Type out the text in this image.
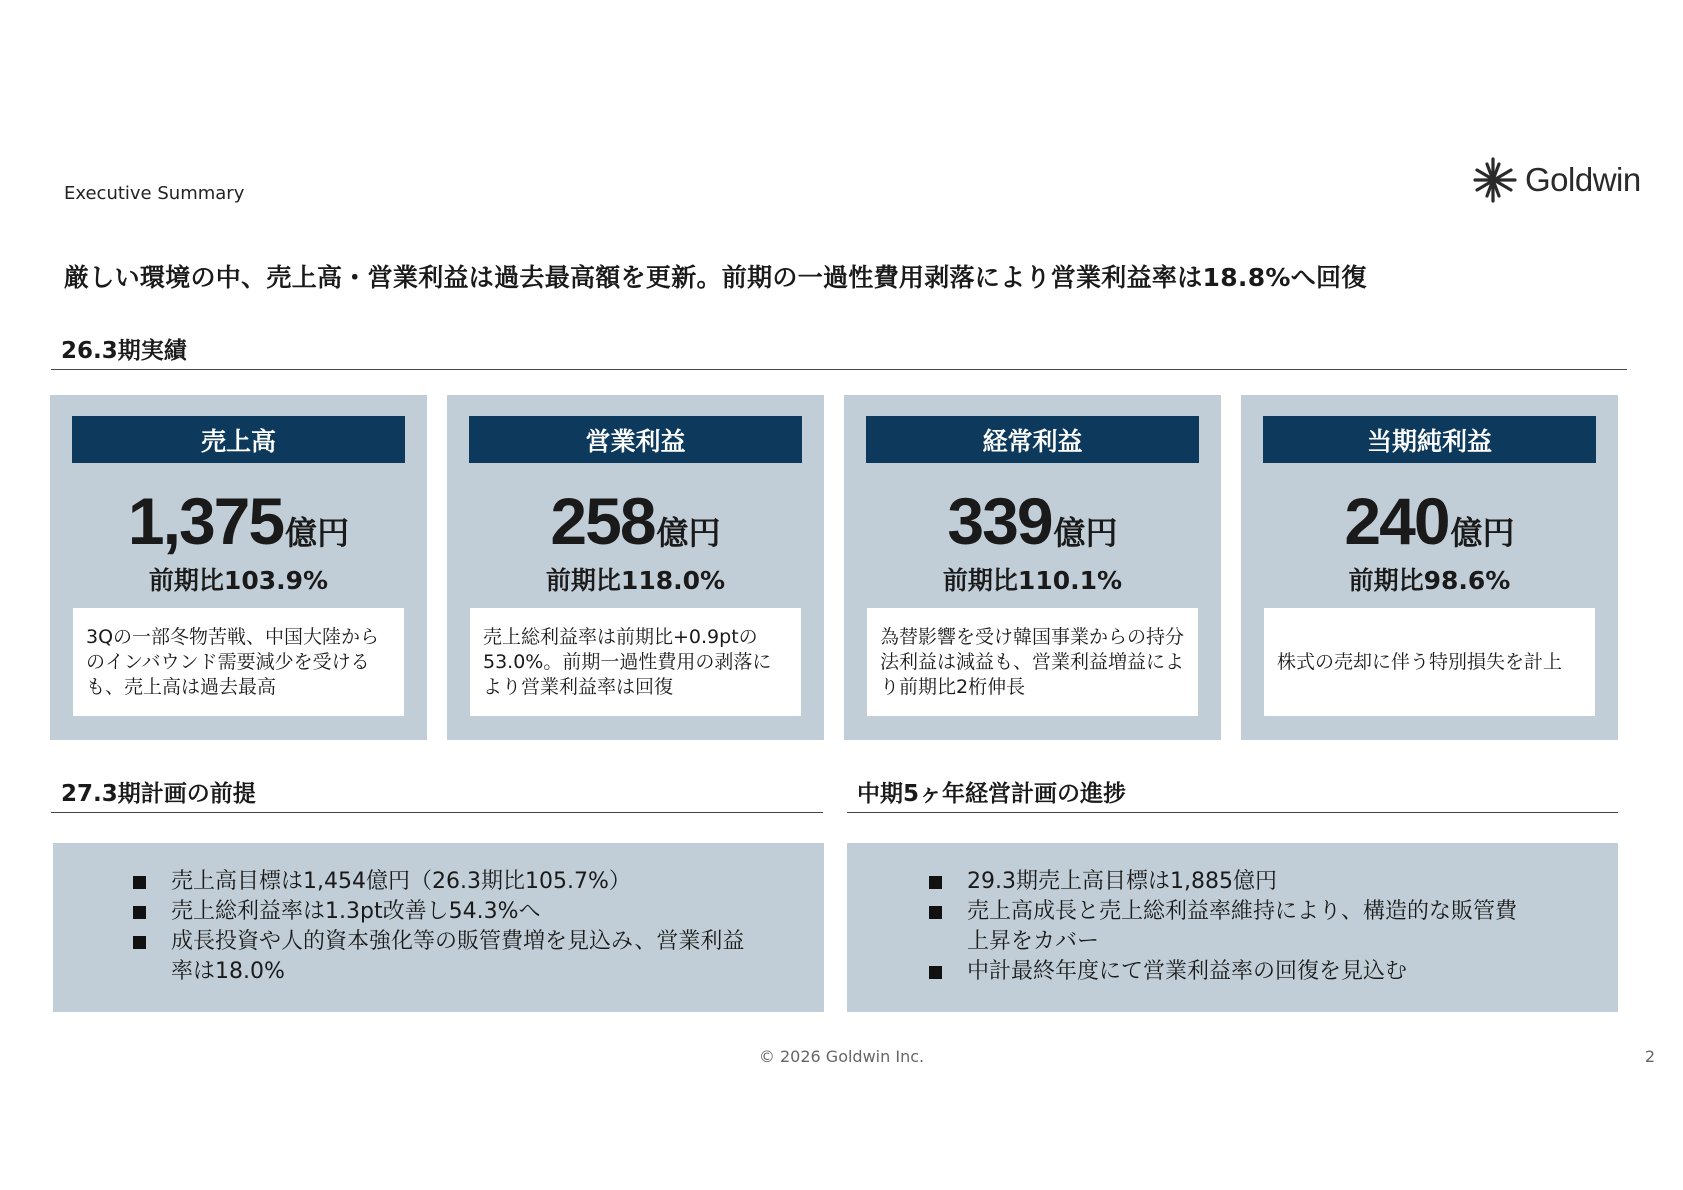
Executive Summary	Goldwin
厳しい環境の中、売上高・営業利益は過去最高額を更新。前期の一過性費用剥落により営業利益率は18.8%へ回復
26.3期実績
売上高
1,375億円
前期比103.9%
3Qの一部冬物苦戦、中国大陸からのインバウンド需要減少を受けるも、売上高は過去最高
営業利益
258億円
前期比118.0%
売上総利益率は前期比+0.9ptの53.0%。前期一過性費用の剥落により営業利益率は回復
経常利益
339億円
前期比110.1%
為替影響を受け韓国事業からの持分法利益は減益も、営業利益増益により前期比2桁伸長
当期純利益
240億円
前期比98.6%
株式の売却に伴う特別損失を計上
27.3期計画の前提
売上高目標は1,454億円（26.3期比105.7%）
売上総利益率は1.3pt改善し54.3%へ
成長投資や人的資本強化等の販管費増を見込み、営業利益率は18.0%
中期5ヶ年経営計画の進捗
29.3期売上高目標は1,885億円
売上高成長と売上総利益率維持により、構造的な販管費上昇をカバー
中計最終年度にて営業利益率の回復を見込む
© 2026 Goldwin Inc.	2
